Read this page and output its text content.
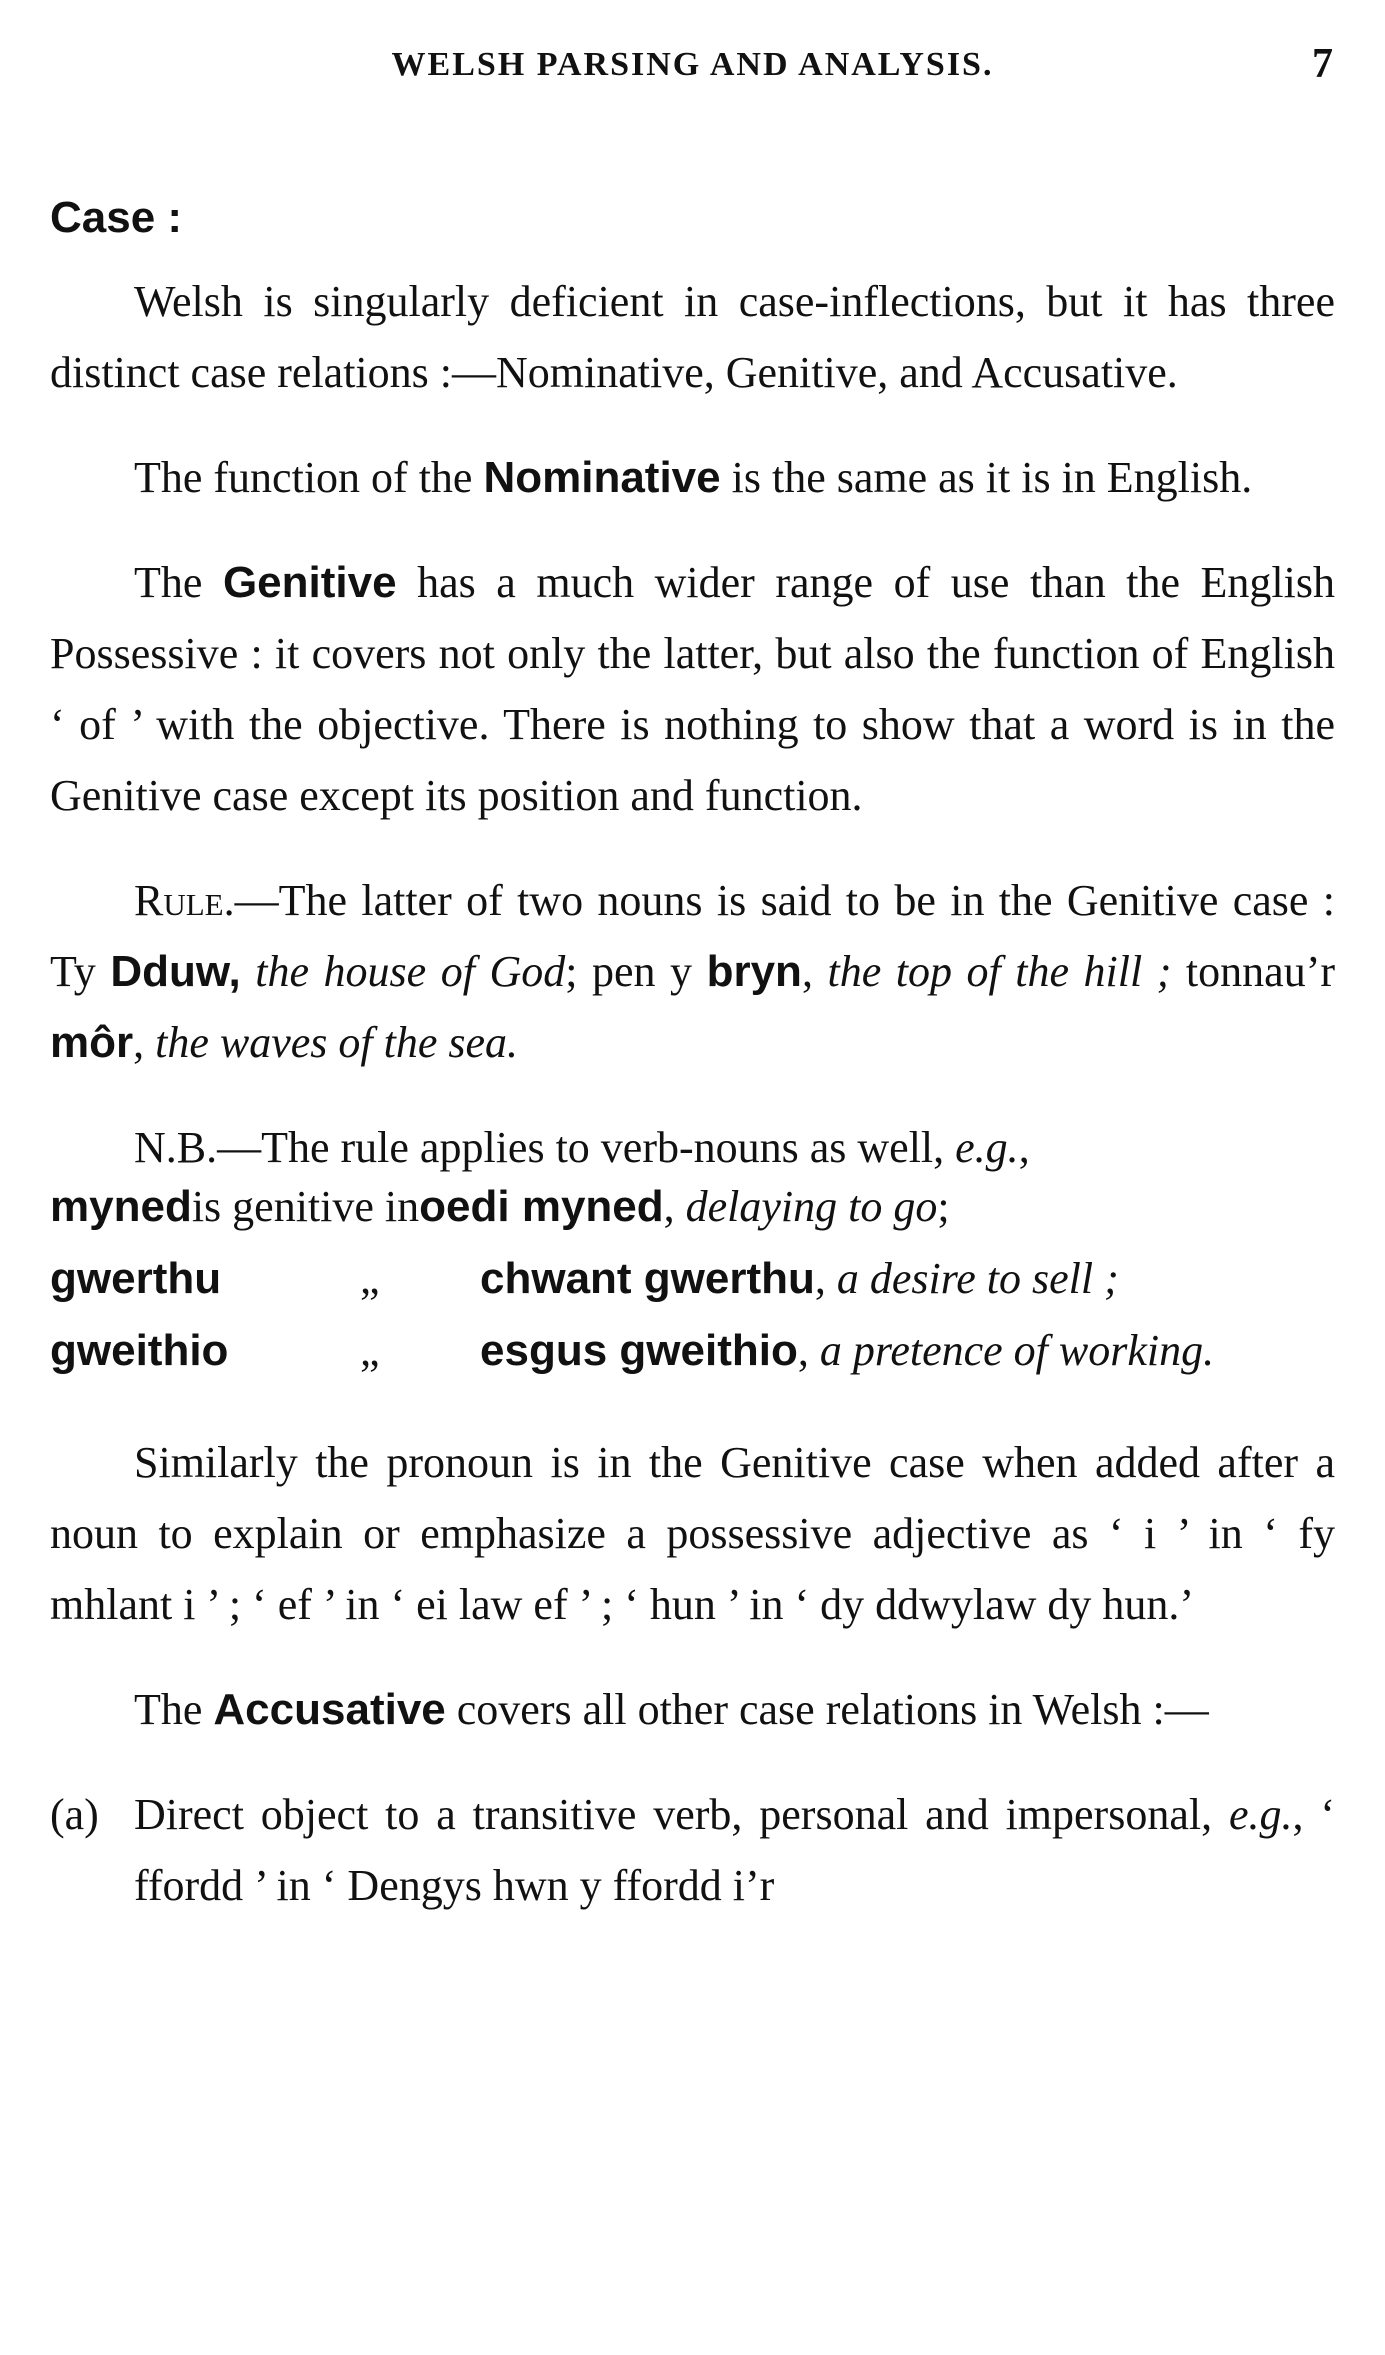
WELSH PARSING AND ANALYSIS.	7
Case :

Welsh is singularly deficient in case-inflections, but it has three distinct case relations :—Nominative, Genitive, and Accusative.

The function of the Nominative is the same as it is in English.

The Genitive has a much wider range of use than the English Possessive : it covers not only the latter, but also the function of English ‘ of ’ with the objective. There is nothing to show that a word is in the Genitive case except its position and function.

Rule.—The latter of two nouns is said to be in the Genitive case : Ty Dduw, the house of God; pen y bryn, the top of the hill ; tonnau’r môr, the waves of the sea.

N.B.—The rule applies to verb-nouns as well, e.g.,

myned is genitive in oedi myned , delaying to go ;
gwerthu	„	chwant gwerthu , a desire to sell ;
gweithio	„	esgus gweithio , a pretence of working.

Similarly the pronoun is in the Genitive case when added after a noun to explain or emphasize a possessive adjective as ‘ i ’ in ‘ fy mhlant i ’ ; ‘ ef ’ in ‘ ei law ef ’ ; ‘ hun ’ in ‘ dy ddwylaw dy hun.’

The Accusative covers all other case relations in Welsh :—

(a) Direct object to a transitive verb, personal and impersonal, e.g., ‘ ffordd ’ in ‘ Dengys hwn y ffordd i’r
